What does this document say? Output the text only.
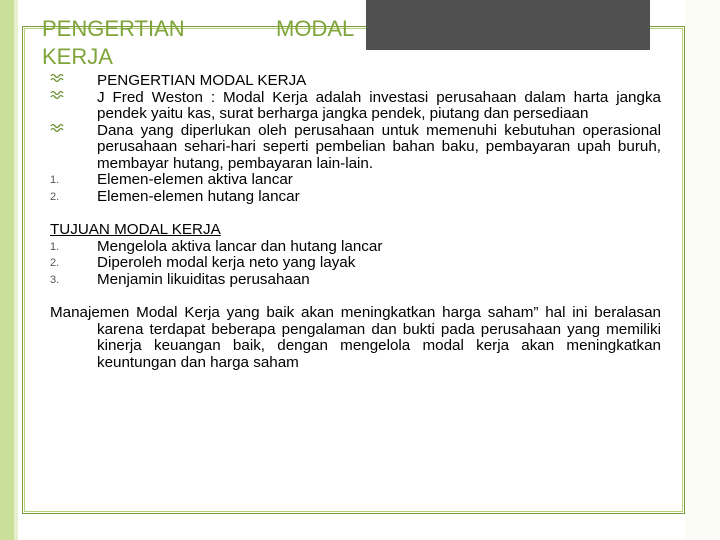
PENGERTIAN	MODAL
KERJA
PENGERTIAN MODAL KERJA
J Fred Weston : Modal Kerja adalah investasi perusahaan dalam harta jangka pendek yaitu kas, surat berharga jangka pendek, piutang dan persediaan
Dana yang diperlukan oleh perusahaan untuk memenuhi kebutuhan operasional perusahaan sehari-hari seperti pembelian bahan baku, pembayaran upah buruh, membayar hutang, pembayaran lain-lain.
1.	Elemen-elemen aktiva lancar
2.	Elemen-elemen hutang lancar
TUJUAN MODAL KERJA
1.	Mengelola aktiva lancar dan hutang lancar
2.	Diperoleh modal kerja neto yang layak
3.	Menjamin likuiditas perusahaan
Manajemen Modal Kerja yang baik akan meningkatkan harga saham” hal ini beralasan karena terdapat beberapa pengalaman dan bukti pada perusahaan yang memiliki kinerja keuangan baik, dengan mengelola modal kerja akan meningkatkan keuntungan dan harga saham
